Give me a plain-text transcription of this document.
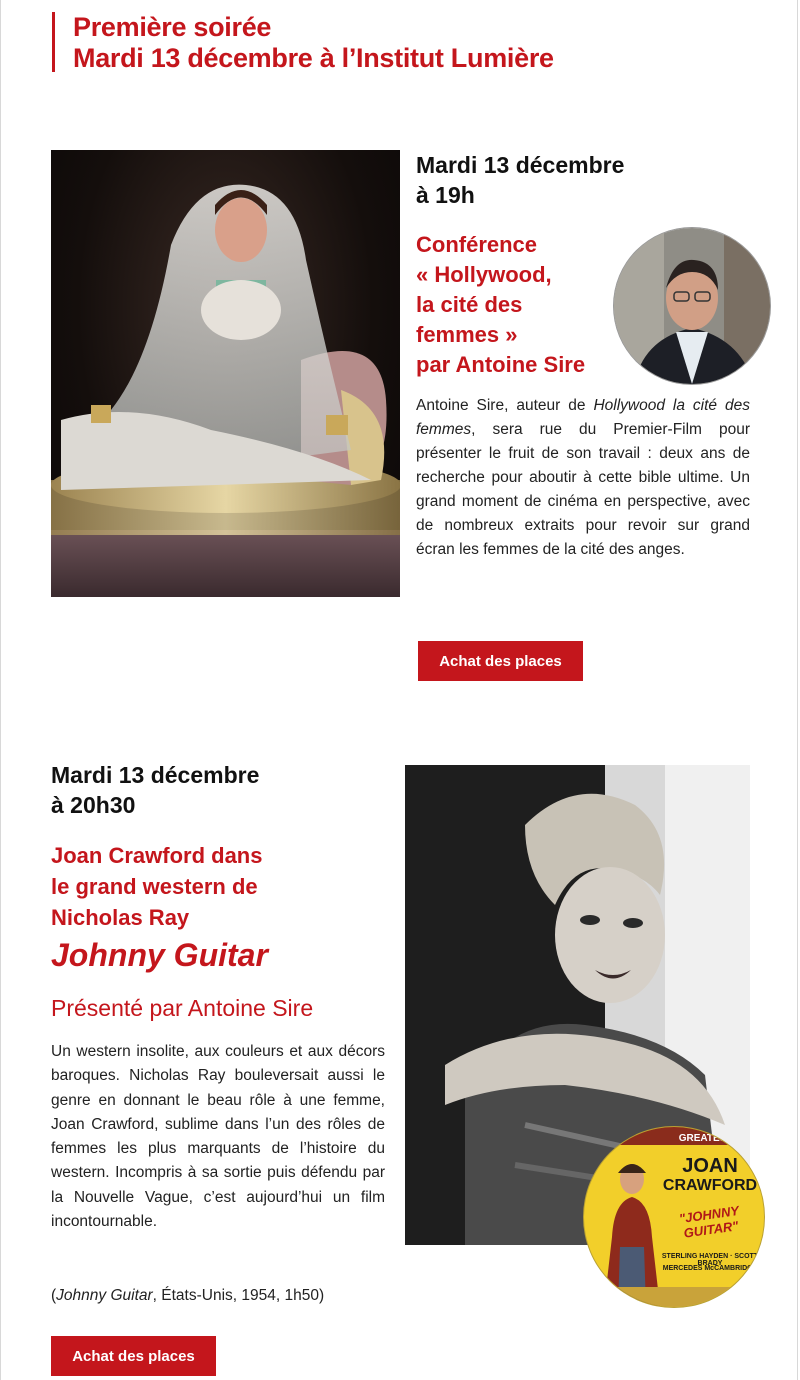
Première soirée
Mardi 13 décembre à l’Institut Lumière
Mardi 13 décembre
à 19h
Conférence
« Hollywood,
la cité des
femmes »
par Antoine Sire
Antoine Sire, auteur de Hollywood la cité des femmes, sera rue du Premier-Film pour présenter le fruit de son travail : deux ans de recherche pour aboutir à cette bible ultime. Un grand moment de cinéma en perspective, avec de nombreux extraits pour revoir sur grand écran les femmes de la cité des anges.
Achat des places
Mardi 13 décembre
à 20h30
Joan Crawford dans
le grand western de
Nicholas Ray
Johnny Guitar
Présenté par Antoine Sire
Un western insolite, aux couleurs et aux décors baroques. Nicholas Ray bouleversait aussi le genre en donnant le beau rôle à une femme, Joan Crawford, sublime dans l’un des rôles de femmes les plus marquants de l’histoire du western. Incompris à sa sortie puis défendu par la Nouvelle Vague, c’est aujourd’hui un film incontournable.
(Johnny Guitar, États-Unis, 1954, 1h50)
Achat des places
GREATEST T
JOAN
CRAWFORD
"JOHNNY GUITAR"
STERLING HAYDEN · SCOTT BRADY
MERCEDES McCAMBRIDGE
